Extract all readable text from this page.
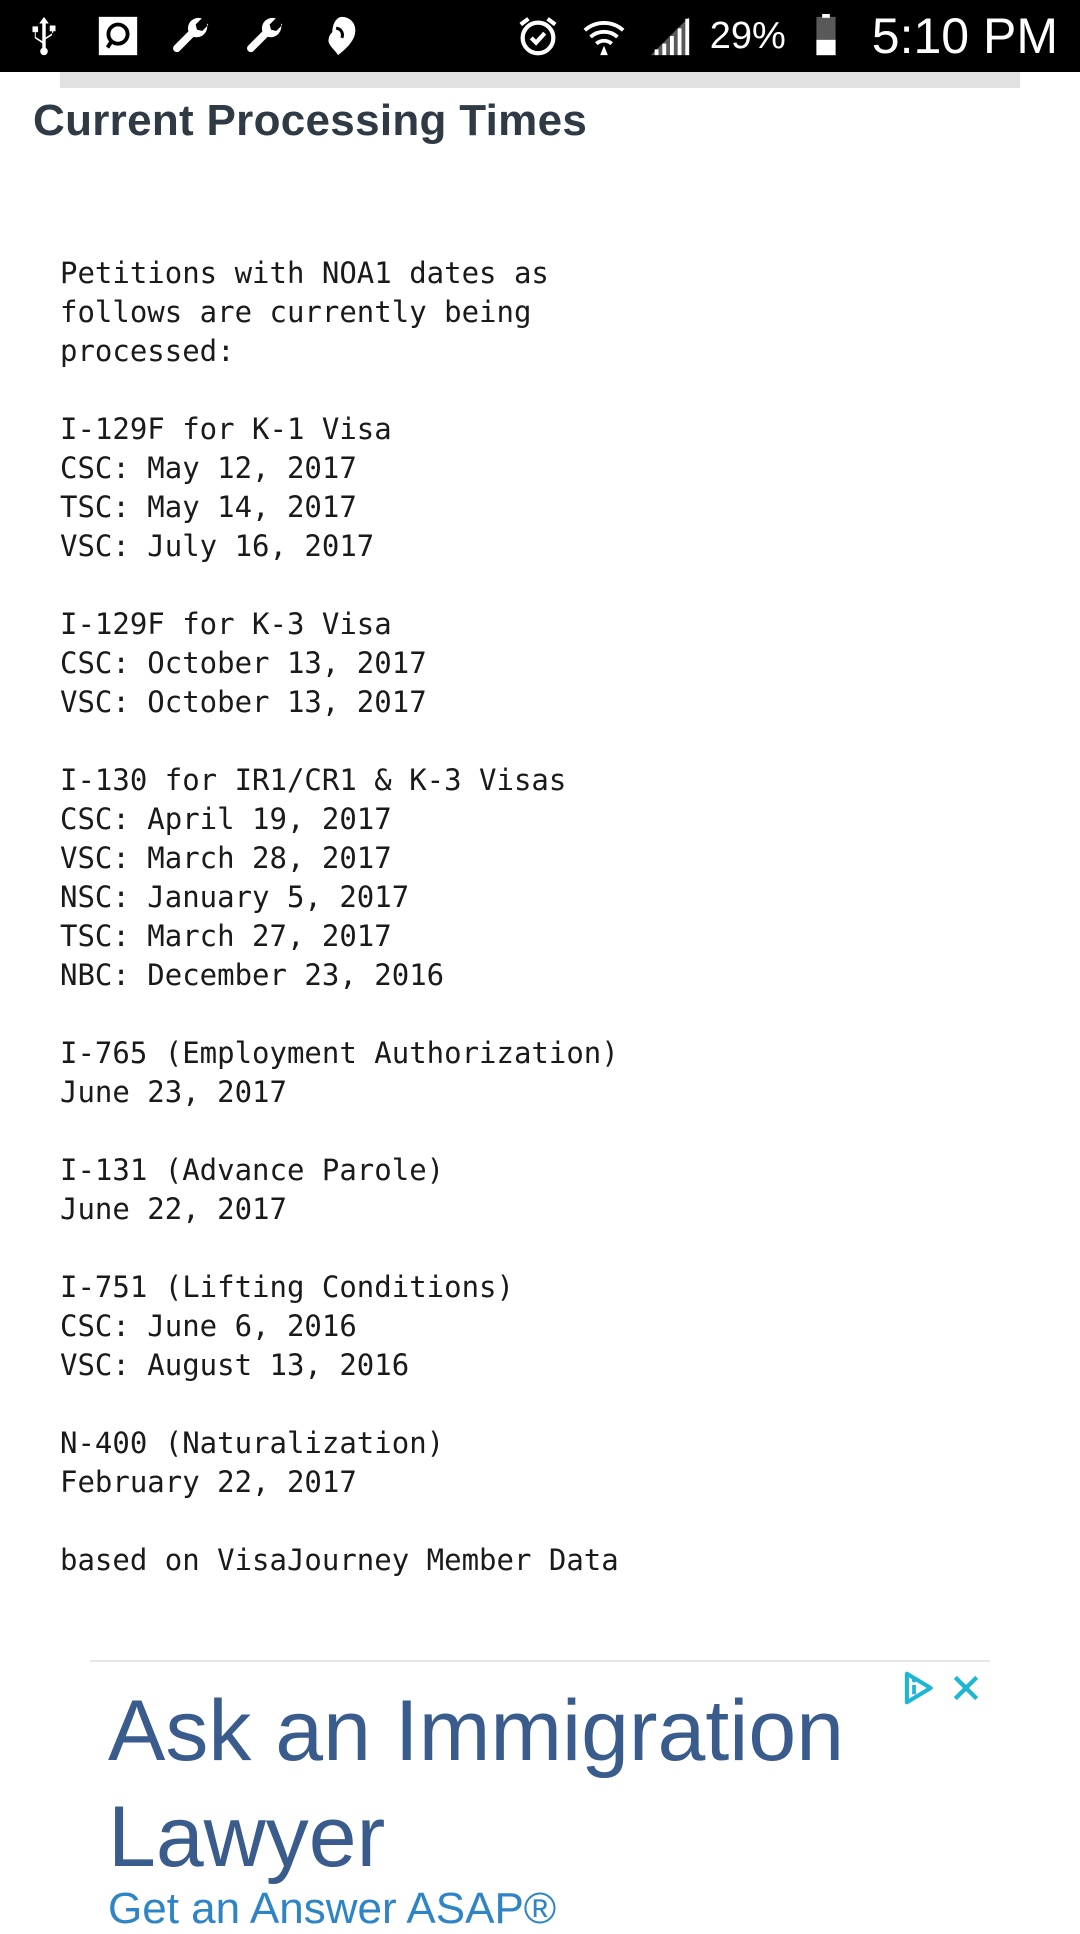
29% 5:10 PM
Current Processing Times
Petitions with NOA1 dates as
follows are currently being
processed:
I-129F for K-1 Visa
CSC: May 12, 2017
TSC: May 14, 2017
VSC: July 16, 2017
I-129F for K-3 Visa
CSC: October 13, 2017
VSC: October 13, 2017
I-130 for IR1/CR1 & K-3 Visas
CSC: April 19, 2017
VSC: March 28, 2017
NSC: January 5, 2017
TSC: March 27, 2017
NBC: December 23, 2016
I-765 (Employment Authorization)
June 23, 2017
I-131 (Advance Parole)
June 22, 2017
I-751 (Lifting Conditions)
CSC: June 6, 2016
VSC: August 13, 2016
N-400 (Naturalization)
February 22, 2017
based on VisaJourney Member Data
Ask an Immigration Lawyer
Get an Answer ASAP®
